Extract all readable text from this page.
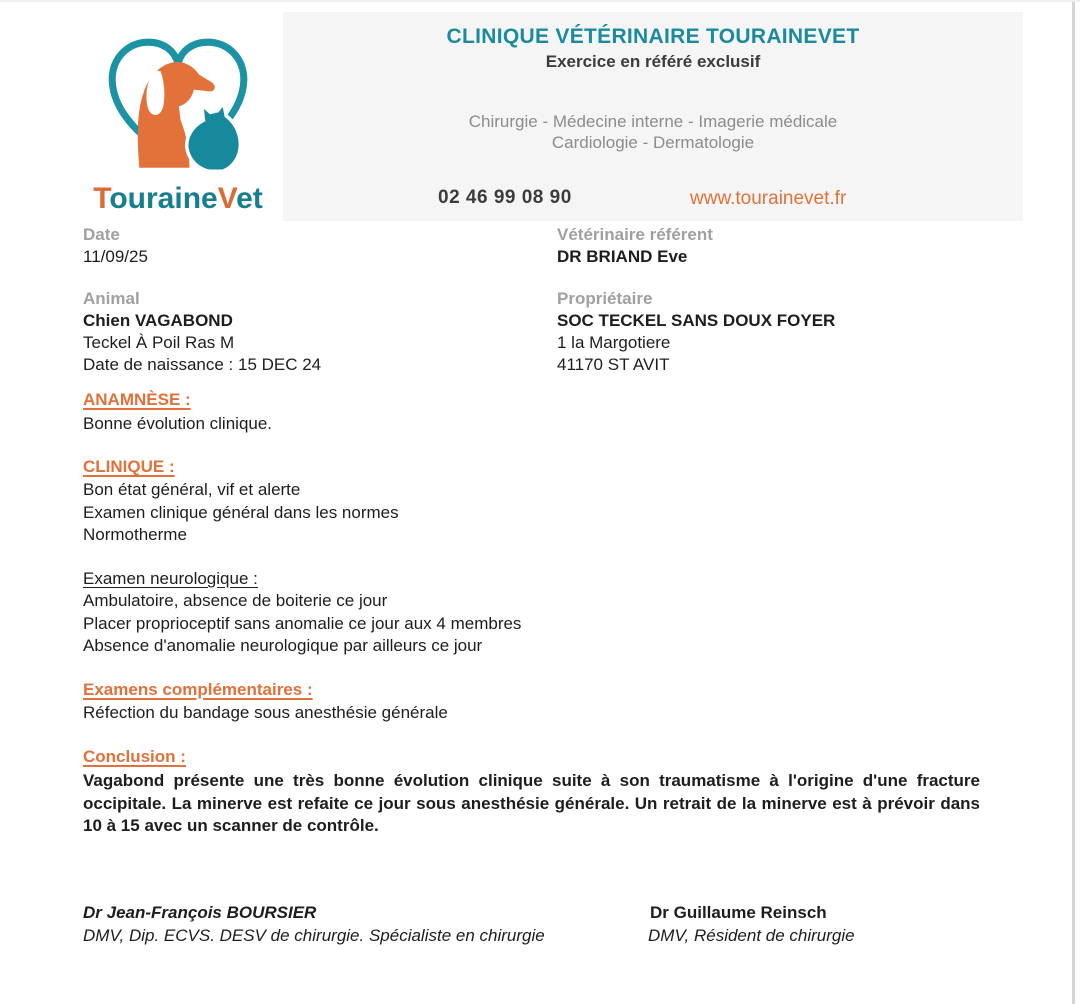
TouraineVet
CLINIQUE VÉTÉRINAIRE TOURAINEVET
Exercice en référé exclusif
Chirurgie - Médecine interne - Imagerie médicale
Cardiologie - Dermatologie
02 46 99 08 90	www.tourainevet.fr
Date
11/09/25
Animal
Chien VAGABOND
Teckel À Poil Ras M
Date de naissance : 15 DEC 24
Vétérinaire référent
DR BRIAND Eve
Propriétaire
SOC TECKEL SANS DOUX FOYER
1 la Margotiere
41170 ST AVIT
ANAMNÈSE :
Bonne évolution clinique.
CLINIQUE :
Bon état général, vif et alerte
Examen clinique général dans les normes
Normotherme
Examen neurologique :
Ambulatoire, absence de boiterie ce jour
Placer proprioceptif sans anomalie ce jour aux 4 membres
Absence d'anomalie neurologique par ailleurs ce jour
Examens complémentaires :
Réfection du bandage sous anesthésie générale
Conclusion :
Vagabond présente une très bonne évolution clinique suite à son traumatisme à l'origine d'une fracture occipitale. La minerve est refaite ce jour sous anesthésie générale. Un retrait de la minerve est à prévoir dans 10 à 15 avec un scanner de contrôle.
Dr Jean-François BOURSIER
DMV, Dip. ECVS. DESV de chirurgie. Spécialiste en chirurgie
Dr Guillaume Reinsch
DMV, Résident de chirurgie
